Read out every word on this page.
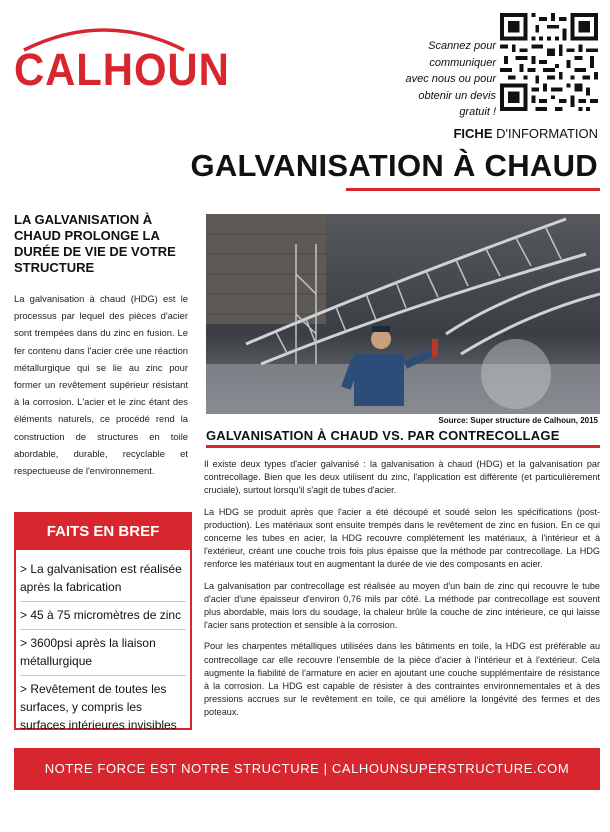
CALHOUN	Scannez pour
communiquer
avec nous ou pour
obtenir un devis
gratuit !
FICHE D'INFORMATION
GALVANISATION À CHAUD
LA GALVANISATION À CHAUD PROLONGE LA DURÉE DE VIE DE VOTRE STRUCTURE
La galvanisation à chaud (HDG) est le processus par lequel des pièces d'acier sont trempées dans du zinc en fusion. Le fer contenu dans l'acier crée une réaction métallurgique qui se lie au zinc pour former un revêtement supérieur résistant à la corrosion. L'acier et le zinc étant des éléments naturels, ce procédé rend la construction de structures en toile abordable, durable, recyclable et respectueuse de l'environnement.
FAITS EN BREF
> La galvanisation est réalisée après la fabrication
> 45 à 75 micromètres de zinc
> 3600psi après la liaison métallurgique
> Revêtement de toutes les surfaces, y compris les surfaces intérieures invisibles
Source: Super structure de Calhoun, 2015
GALVANISATION À CHAUD VS. PAR CONTRECOLLAGE

Il existe deux types d'acier galvanisé : la galvanisation à chaud (HDG) et la galvanisation par contrecollage. Bien que les deux utilisent du zinc, l'application est différente (et particulièrement cruciale), surtout lorsqu'il s'agit de tubes d'acier.

La HDG se produit après que l'acier a été découpé et soudé selon les spécifications (post-production). Les matériaux sont ensuite trempés dans le revêtement de zinc en fusion. En ce qui concerne les tubes en acier, la HDG recouvre complètement les matériaux, à l'intérieur et à l'extérieur, créant une couche trois fois plus épaisse que la méthode par contrecollage. La HDG renforce les matériaux tout en augmentant la durée de vie des composants en acier.

La galvanisation par contrecollage est réalisée au moyen d'un bain de zinc qui recouvre le tube d'acier d'une épaisseur d'environ 0,76 mils par côté. La méthode par contrecollage est souvent plus abordable, mais lors du soudage, la chaleur brûle la couche de zinc intérieure, ce qui laisse l'acier sans protection et sensible à la corrosion.

Pour les charpentes métalliques utilisées dans les bâtiments en toile, la HDG est préférable au contrecollage car elle recouvre l'ensemble de la pièce d'acier à l'intérieur et à l'extérieur. Cela augmente la fiabilité de l'armature en acier en ajoutant une couche supplémentaire de résistance à la corrosion. La HDG est capable de résister à des contraintes environnementales et à des pressions accrues sur le revêtement en toile, ce qui améliore la longévité des fermes et des poteaux.

NOTRE FORCE EST NOTRE STRUCTURE | CALHOUNSUPERSTRUCTURE.COM 800.265.3994
